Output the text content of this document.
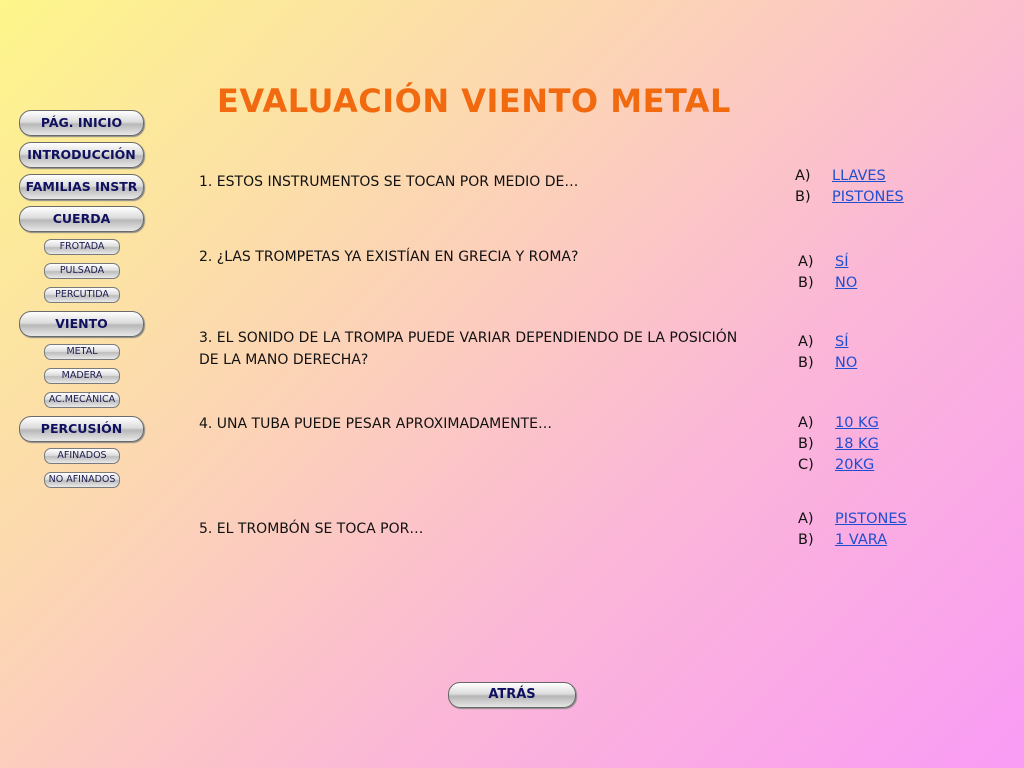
EVALUACIÓN VIENTO METAL
PÁG. INICIO
INTRODUCCIÓN
FAMILIAS INSTR
CUERDA
FROTADA
PULSADA
PERCUTIDA
VIENTO
METAL
MADERA
AC.MECÁNICA
PERCUSIÓN
AFINADOS
NO AFINADOS
1. ESTOS INSTRUMENTOS SE TOCAN POR MEDIO DE…	A) LLAVES
B) PISTONES
2. ¿LAS TROMPETAS YA EXISTÍAN EN GRECIA Y ROMA?	A) SÍ
B) NO
3. EL SONIDO DE LA TROMPA PUEDE VARIAR DEPENDIENDO DE LA POSICIÓN DE LA MANO DERECHA?
A) SÍ
B) NO
4. UNA TUBA PUEDE PESAR APROXIMADAMENTE…	A) 10 KG
B) 18 KG
C) 20KG
5. EL TROMBÓN SE TOCA POR…
A) PISTONES
B) 1 VARA
ATRÁS
